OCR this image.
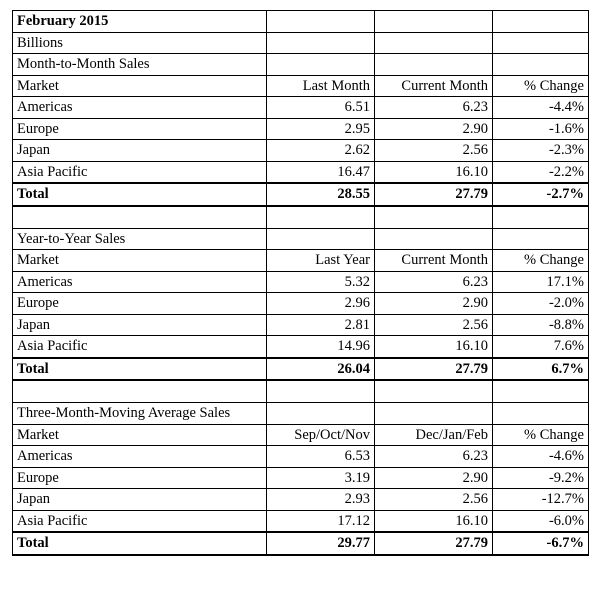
February 2015			
Billions			
Month-to-Month Sales			
Market	Last Month	Current Month	% Change
Americas	6.51	6.23	-4.4%
Europe	2.95	2.90	-1.6%
Japan	2.62	2.56	-2.3%
Asia Pacific	16.47	16.10	-2.2%
Total	28.55	27.79	-2.7%

Year-to-Year Sales			
Market	Last Year	Current Month	% Change
Americas	5.32	6.23	17.1%
Europe	2.96	2.90	-2.0%
Japan	2.81	2.56	-8.8%
Asia Pacific	14.96	16.10	7.6%
Total	26.04	27.79	6.7%

Three-Month-Moving Average Sales			
Market	Sep/Oct/Nov	Dec/Jan/Feb	% Change
Americas	6.53	6.23	-4.6%
Europe	3.19	2.90	-9.2%
Japan	2.93	2.56	-12.7%
Asia Pacific	17.12	16.10	-6.0%
Total	29.77	27.79	-6.7%
